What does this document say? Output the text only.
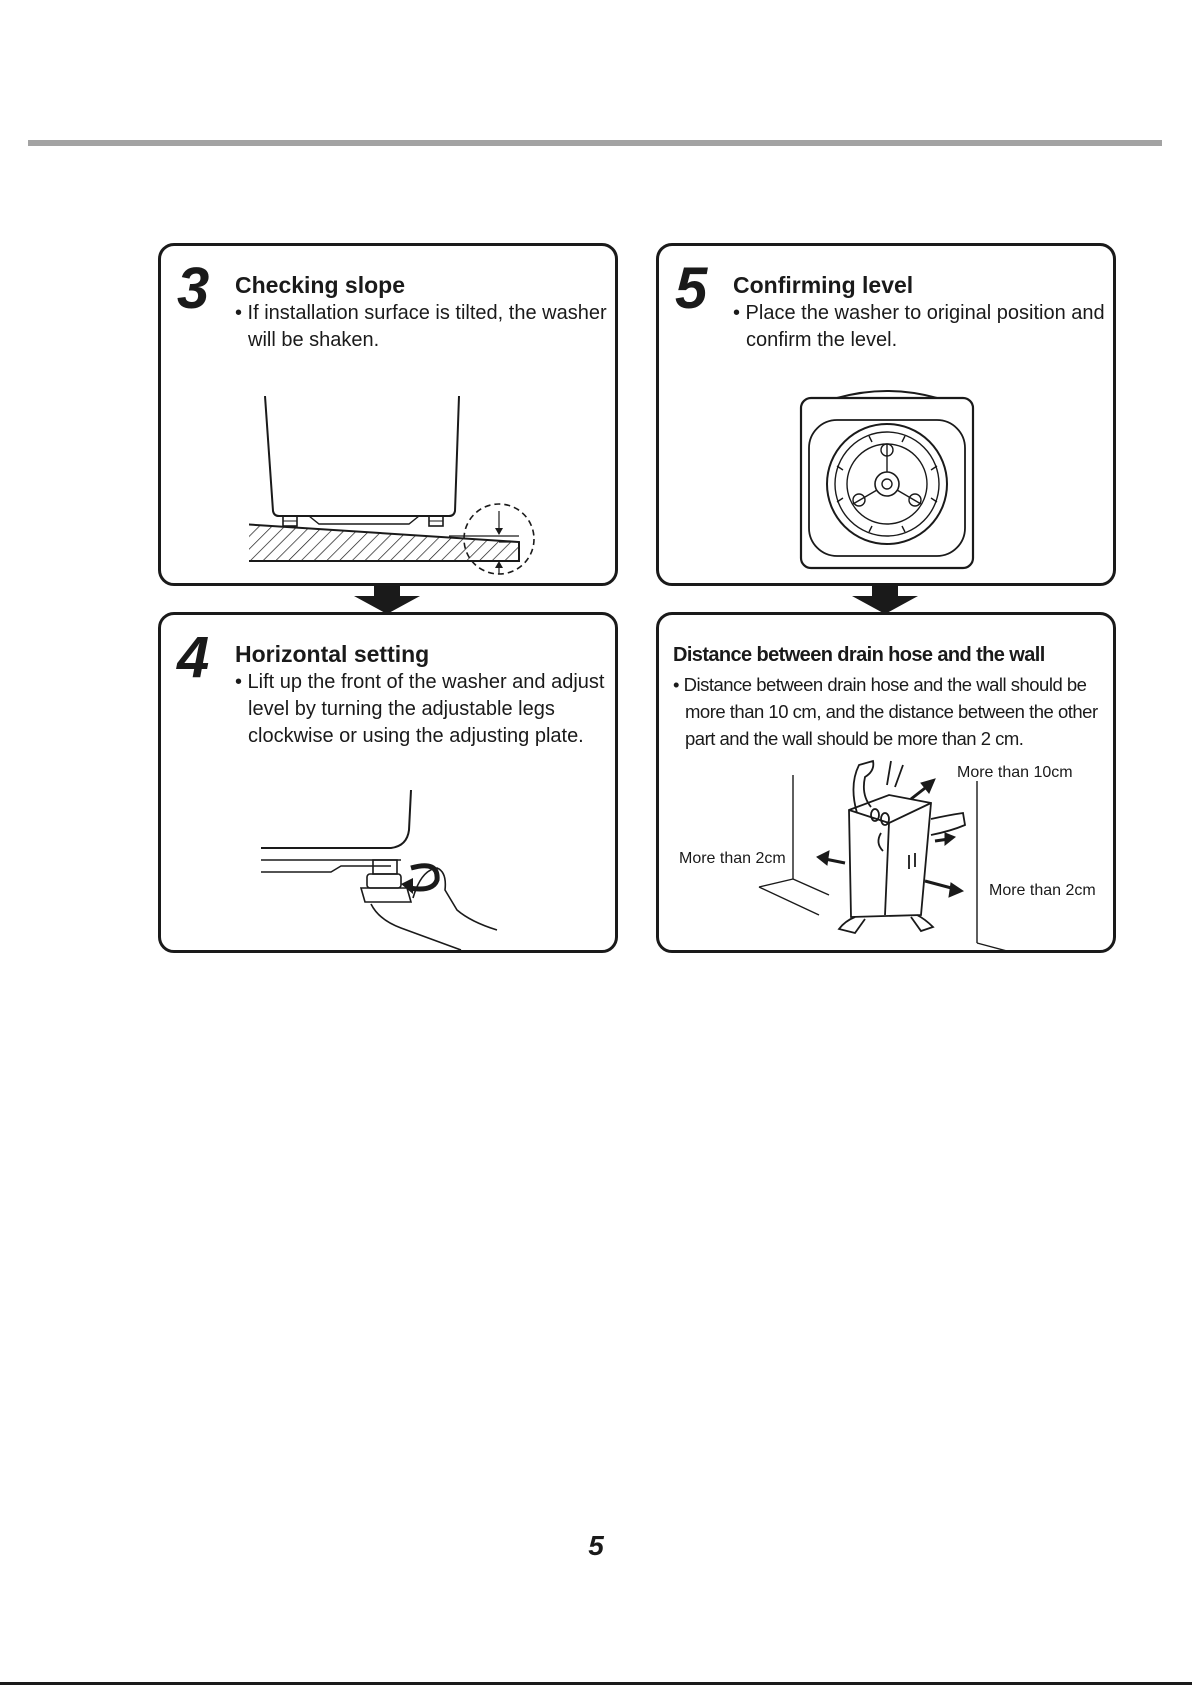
3 Checking slope
• If installation surface is tilted, the washer will be shaken.
5 Confirming level
• Place the washer to original position and confirm the level.
4 Horizontal setting
• Lift up the front of the washer and adjust level by turning the adjustable legs clockwise or using the adjusting plate.
Distance between drain hose and the wall
• Distance between drain hose and the wall should be more than 10 cm, and the distance between the other part and the wall should be more than 2 cm.
More than 10cm
More than 2cm
More than 2cm
5
